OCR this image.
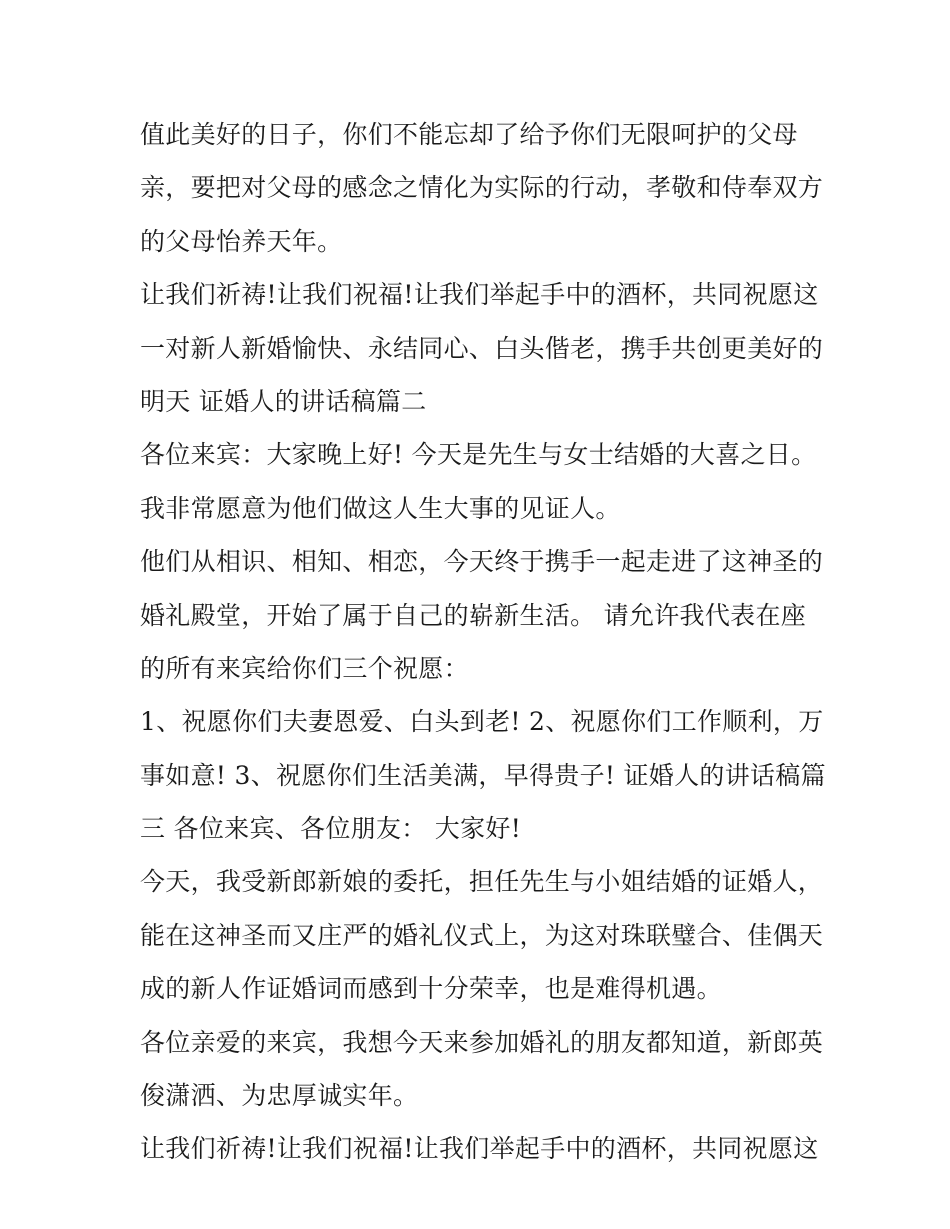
值此美好的日子，你们不能忘却了给予你们无限呵护的父母
亲，要把对父母的感念之情化为实际的行动，孝敬和侍奉双方
的父母怡养天年。
让我们祈祷!让我们祝福!让我们举起手中的酒杯，共同祝愿这
一对新人新婚愉快、永结同心、白头偕老，携手共创更美好的
明天 证婚人的讲话稿篇二
各位来宾：大家晚上好! 今天是先生与女士结婚的大喜之日。
我非常愿意为他们做这人生大事的见证人。
他们从相识、相知、相恋，今天终于携手一起走进了这神圣的
婚礼殿堂，开始了属于自己的崭新生活。 请允许我代表在座
的所有来宾给你们三个祝愿：
1、祝愿你们夫妻恩爱、白头到老! 2、祝愿你们工作顺利，万
事如意! 3、祝愿你们生活美满，早得贵子! 证婚人的讲话稿篇
三 各位来宾、各位朋友： 大家好!
今天，我受新郎新娘的委托，担任先生与小姐结婚的证婚人，
能在这神圣而又庄严的婚礼仪式上，为这对珠联璧合、佳偶天
成的新人作证婚词而感到十分荣幸，也是难得机遇。
各位亲爱的来宾，我想今天来参加婚礼的朋友都知道，新郎英
俊潇洒、为忠厚诚实年。
让我们祈祷!让我们祝福!让我们举起手中的酒杯，共同祝愿这
